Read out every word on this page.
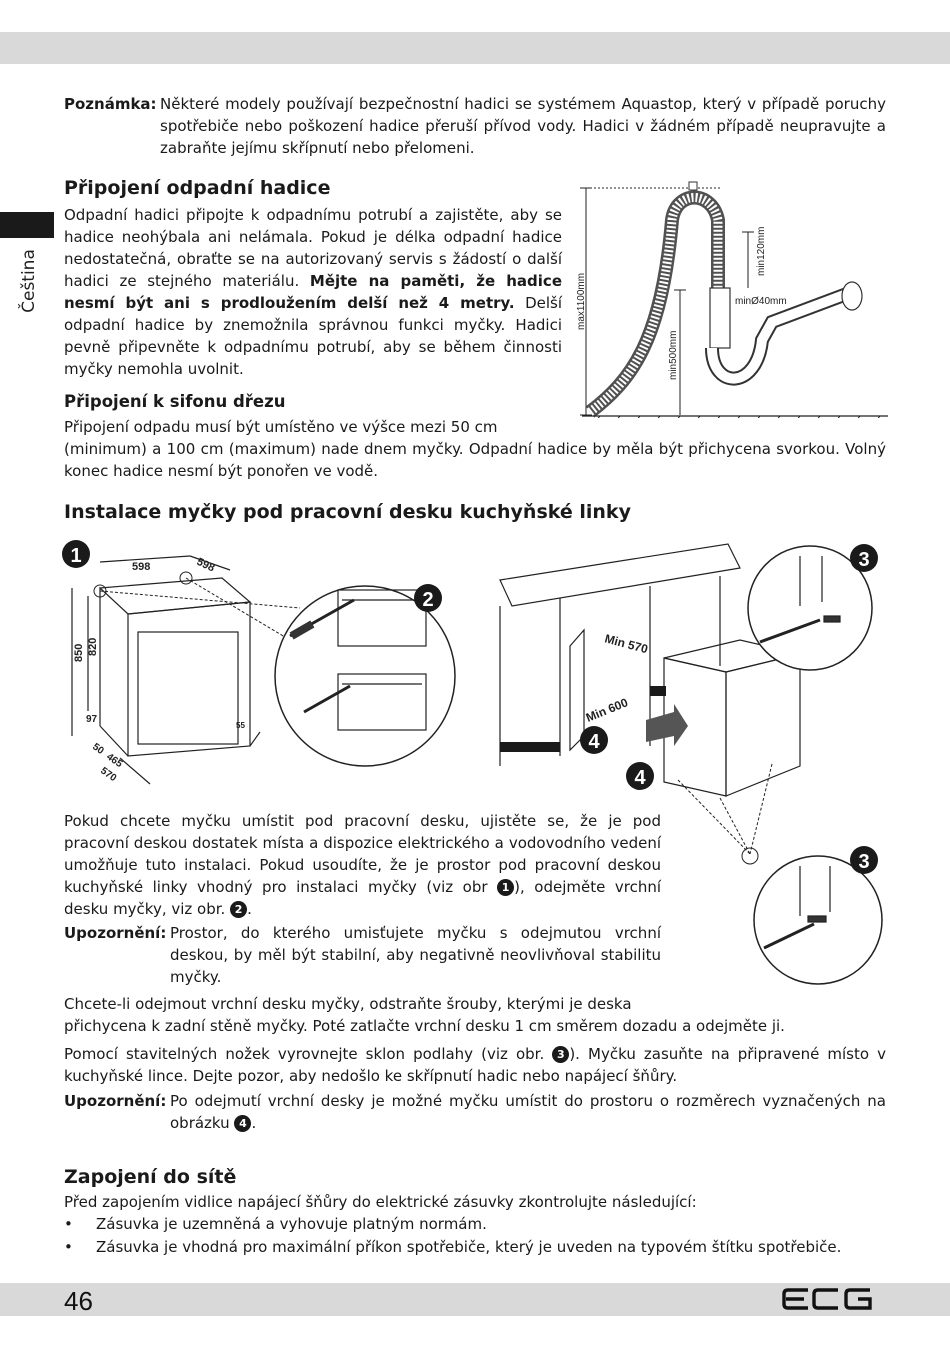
Čeština
Poznámka: Některé modely používají bezpečnostní hadici se systémem Aquastop, který v případě poruchy spotřebiče nebo poškození hadice přeruší přívod vody. Hadici v žádném případě neupravujte a zabraňte jejímu skřípnutí nebo přelomeni.
Připojení odpadní hadice

Odpadní hadici připojte k odpadnímu potrubí a zajistěte, aby se hadice neohýbala ani nelámala. Pokud je délka odpadní hadice nedostatečná, obraťte se na autorizovaný servis s žádostí o další hadici ze stejného materiálu. Mějte na paměti, že hadice nesmí být ani s prodloužením delší než 4 metry. Delší odpadní hadice by znemožnila správnou funkci myčky. Hadici pevně připevněte k odpadnímu potrubí, aby se během činnosti myčky nemohla uvolnit.

Připojení k sifonu dřezu

Připojení odpadu musí být umístěno ve výšce mezi 50 cm

(minimum) a 100 cm (maximum) nade dnem myčky. Odpadní hadice by měla být přichycena svorkou. Volný konec hadice nesmí být ponořen ve vodě.

max1100mm
min500mm
min120mm
minØ40mm
Instalace myčky pod pracovní desku kuchyňské linky
1	598	598
850 820
97
55
50
465
570
2
Min 570
Min 600
4
4
3
3

Pokud chcete myčku umístit pod pracovní desku, ujistěte se, že je pod pracovní deskou dostatek místa a dispozice elektrického a vodovodního vedení umožňuje tuto instalaci. Pokud usoudíte, že je prostor pod pracovní deskou kuchyňské linky vhodný pro instalaci myčky (viz obr 1 ), odejměte vrchní desku myčky, viz obr. 2 .

Upozornění: Prostor, do kterého umisťujete myčku s odejmutou vrchní deskou, by měl být stabilní, aby negativně neovlivňoval stabilitu myčky.

Chcete-li odejmout vrchní desku myčky, odstraňte šrouby, kterými je deska

přichycena k zadní stěně myčky. Poté zatlačte vrchní desku 1 cm směrem dozadu a odejměte ji.

Pomocí stavitelných nožek vyrovnejte sklon podlahy (viz obr. 3 ). Myčku zasuňte na připravené místo v kuchyňské lince. Dejte pozor, aby nedošlo ke skřípnutí hadic nebo napájecí šňůry.

Upozornění: Po odejmutí vrchní desky je možné myčku umístit do prostoru o rozměrech vyznačených na obrázku 4 .
Zapojení do sítě

Před zapojením vidlice napájecí šňůry do elektrické zásuvky zkontrolujte následující:

• Zásuvka je uzemněná a vyhovuje platným normám.
• Zásuvka je vhodná pro maximální příkon spotřebiče, který je uveden na typovém štítku spotřebiče.
46
